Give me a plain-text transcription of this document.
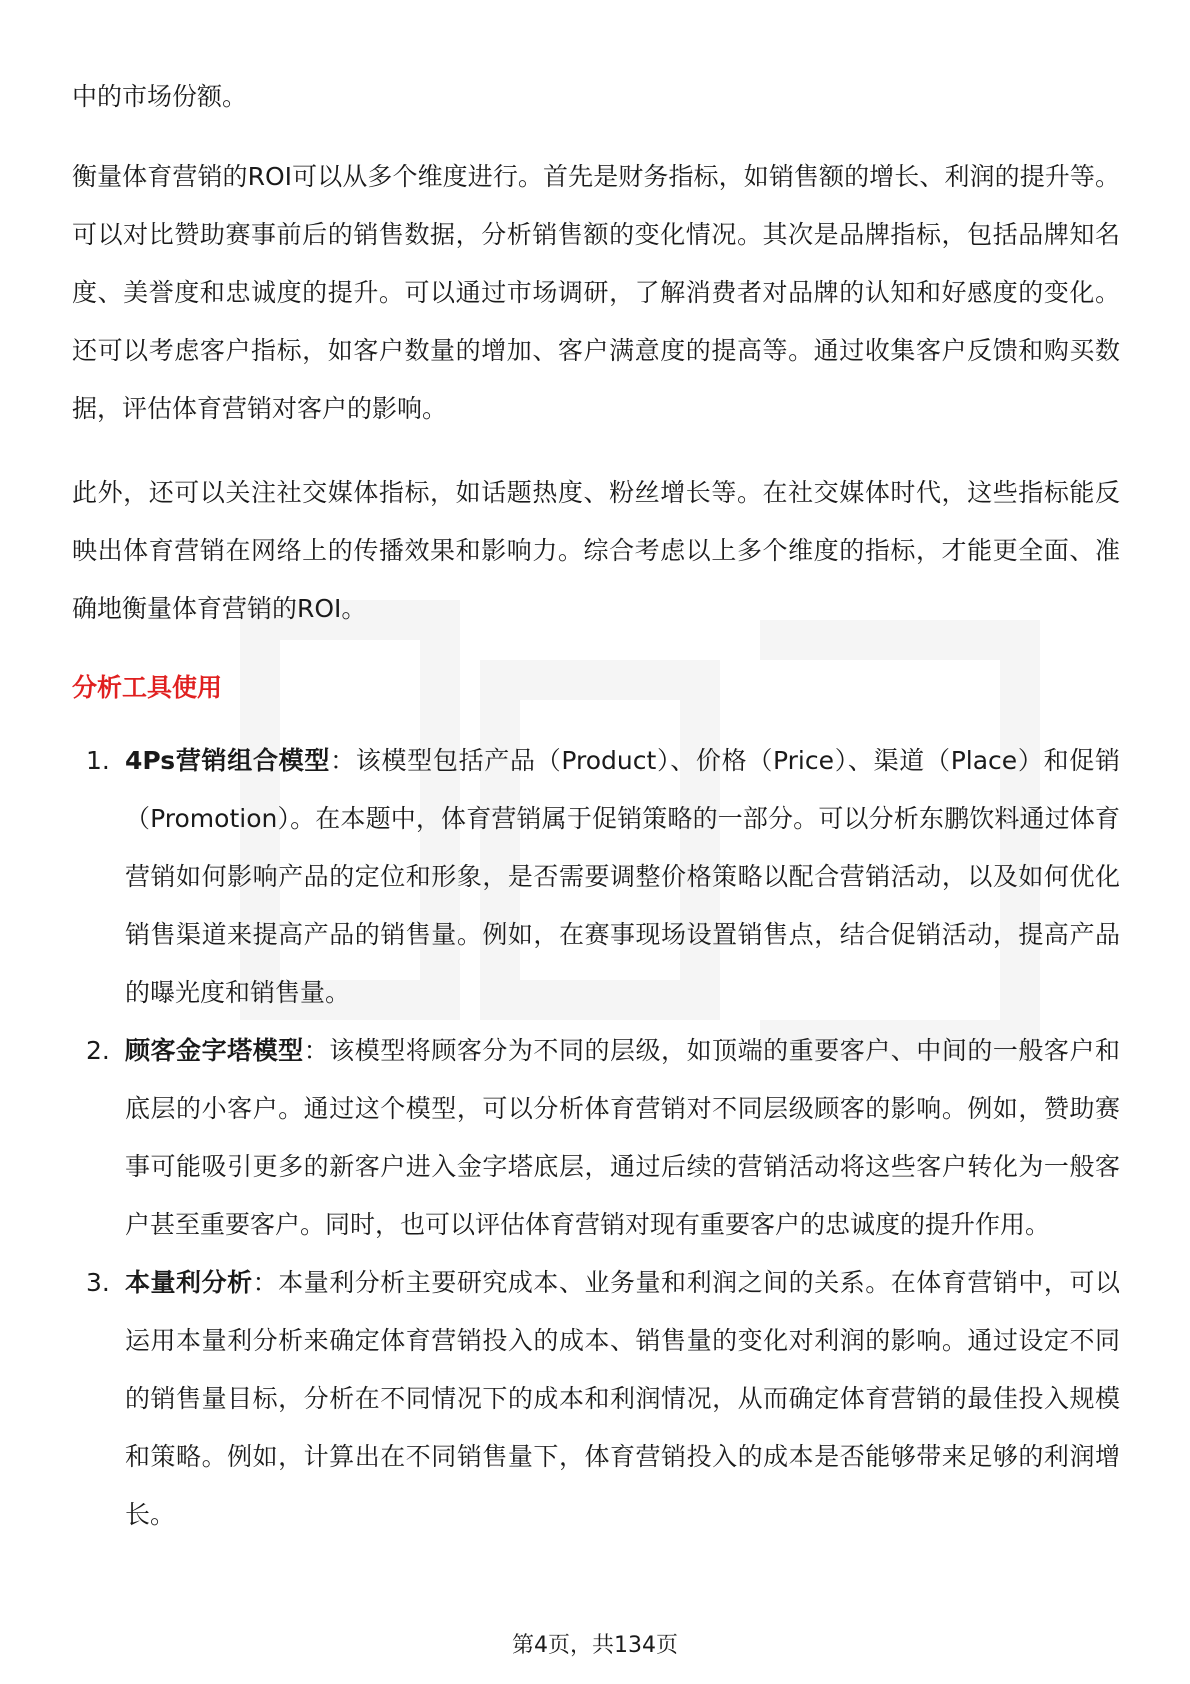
中的市场份额。

衡量体育营销的ROI可以从多个维度进行。首先是财务指标，如销售额的增长、利润的提升等。可以对比赞助赛事前后的销售数据，分析销售额的变化情况。其次是品牌指标，包括品牌知名度、美誉度和忠诚度的提升。可以通过市场调研，了解消费者对品牌的认知和好感度的变化。还可以考虑客户指标，如客户数量的增加、客户满意度的提高等。通过收集客户反馈和购买数据，评估体育营销对客户的影响。

此外，还可以关注社交媒体指标，如话题热度、粉丝增长等。在社交媒体时代，这些指标能反映出体育营销在网络上的传播效果和影响力。综合考虑以上多个维度的指标，才能更全面、准确地衡量体育营销的ROI。

分析工具使用
1. 4Ps营销组合模型：该模型包括产品（Product）、价格（Price）、渠道（Place）和促销（Promotion）。在本题中，体育营销属于促销策略的一部分。可以分析东鹏饮料通过体育营销如何影响产品的定位和形象，是否需要调整价格策略以配合营销活动，以及如何优化销售渠道来提高产品的销售量。例如，在赛事现场设置销售点，结合促销活动，提高产品的曝光度和销售量。
2. 顾客金字塔模型：该模型将顾客分为不同的层级，如顶端的重要客户、中间的一般客户和底层的小客户。通过这个模型，可以分析体育营销对不同层级顾客的影响。例如，赞助赛事可能吸引更多的新客户进入金字塔底层，通过后续的营销活动将这些客户转化为一般客户甚至重要客户。同时，也可以评估体育营销对现有重要客户的忠诚度的提升作用。
3. 本量利分析：本量利分析主要研究成本、业务量和利润之间的关系。在体育营销中，可以运用本量利分析来确定体育营销投入的成本、销售量的变化对利润的影响。通过设定不同的销售量目标，分析在不同情况下的成本和利润情况，从而确定体育营销的最佳投入规模和策略。例如，计算出在不同销售量下，体育营销投入的成本是否能够带来足够的利润增长。
第4页，共134页
